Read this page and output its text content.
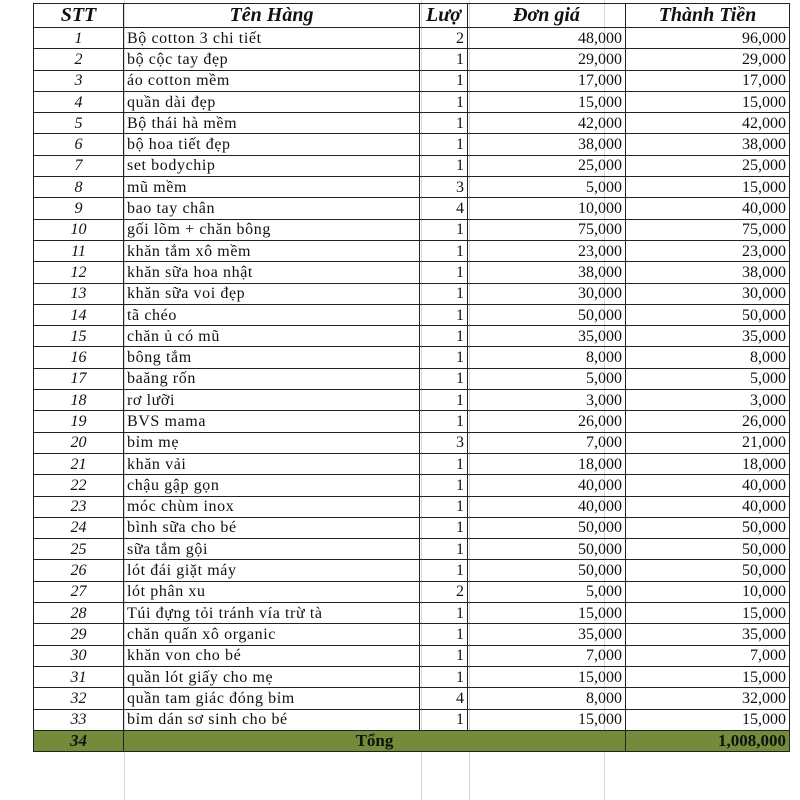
STT	Tên Hàng	Lượ	Đơn giá	Thành Tiền
1	Bộ cotton 3 chi tiết	2	48,000	96,000
2	bộ cộc tay đẹp	1	29,000	29,000
3	áo cotton mềm	1	17,000	17,000
4	quần dài đẹp	1	15,000	15,000
5	Bộ thái hà mềm	1	42,000	42,000
6	bộ hoa tiết đẹp	1	38,000	38,000
7	set bodychip	1	25,000	25,000
8	mũ mềm	3	5,000	15,000
9	bao tay chân	4	10,000	40,000
10	gối lõm + chăn bông	1	75,000	75,000
11	khăn tắm xô mềm	1	23,000	23,000
12	khăn sữa hoa nhật	1	38,000	38,000
13	khăn sữa voi đẹp	1	30,000	30,000
14	tã chéo	1	50,000	50,000
15	chăn ủ có mũ	1	35,000	35,000
16	bông tắm	1	8,000	8,000
17	baăng rốn	1	5,000	5,000
18	rơ lưỡi	1	3,000	3,000
19	BVS mama	1	26,000	26,000
20	bỉm mẹ	3	7,000	21,000
21	khăn vải	1	18,000	18,000
22	chậu gập gọn	1	40,000	40,000
23	móc chùm inox	1	40,000	40,000
24	bình sữa cho bé	1	50,000	50,000
25	sữa tắm gội	1	50,000	50,000
26	lót đái giặt máy	1	50,000	50,000
27	lót phân xu	2	5,000	10,000
28	Túi đựng tỏi tránh vía trừ tà	1	15,000	15,000
29	chăn quấn xô organic	1	35,000	35,000
30	khăn von cho bé	1	7,000	7,000
31	quần lót giấy cho mẹ	1	15,000	15,000
32	quần tam giác đóng bỉm	4	8,000	32,000
33	bỉm dán sơ sinh cho bé	1	15,000	15,000
34	Tổng			1,008,000
